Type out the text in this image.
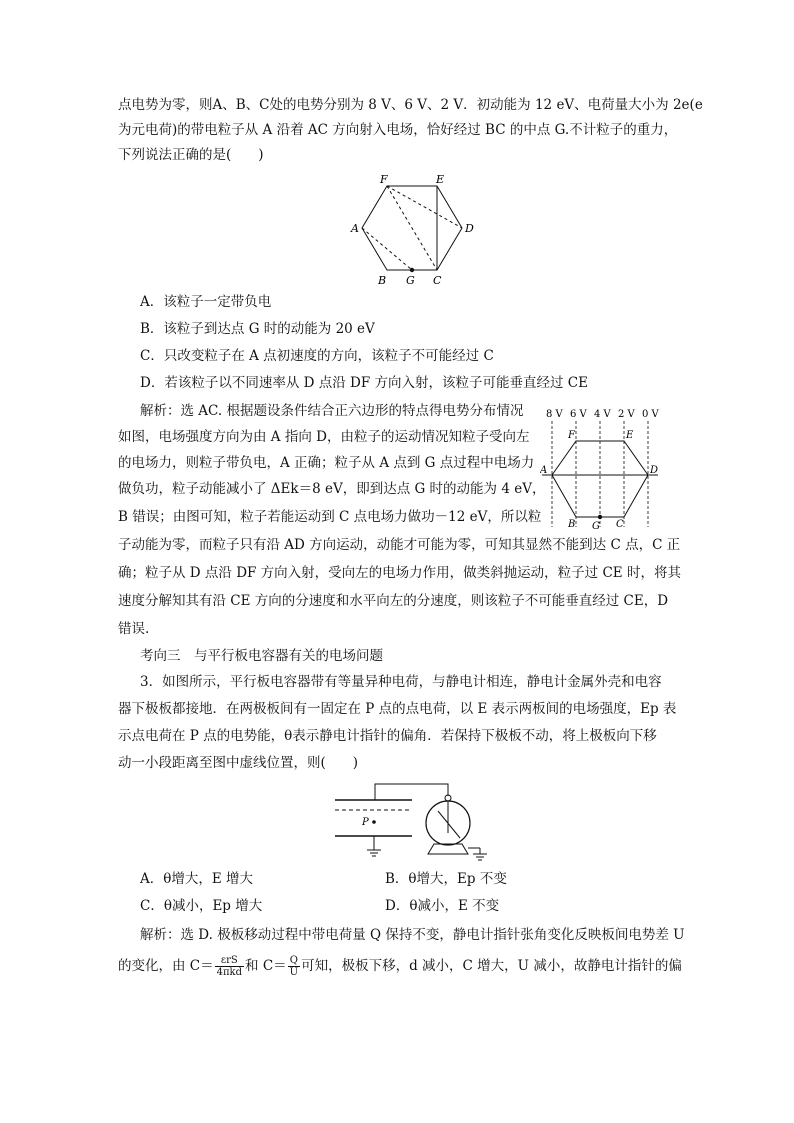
点电势为零，则A、B、C处的电势分别为 8 V、6 V、2 V．初动能为 12 eV、电荷量大小为 2e(e
为元电荷)的带电粒子从 A 沿着 AC 方向射入电场，恰好经过 BC 的中点 G.不计粒子的重力，
下列说法正确的是(　　)
F	E
A	D
B G C
A．该粒子一定带负电
B．该粒子到达点 G 时的动能为 20 eV
C．只改变粒子在 A 点初速度的方向，该粒子不可能经过 C
D．若该粒子以不同速率从 D 点沿 DF 方向入射，该粒子可能垂直经过 CE
解析：选 AC. 根据题设条件结合正六边形的特点得电势分布情况
如图，电场强度方向为由 A 指向 D，由粒子的运动情况知粒子受向左
的电场力，则粒子带负电，A 正确；粒子从 A 点到 G 点过程中电场力
做负功，粒子动能减小了 ΔEk＝8 eV，即到达点 G 时的动能为 4 eV，
B 错误；由图可知，粒子若能运动到 C 点电场力做功－12 eV，所以粒
子动能为零，而粒子只有沿 AD 方向运动，动能才可能为零，可知其显然不能到达 C 点，C 正
确；粒子从 D 点沿 DF 方向入射，受向左的电场力作用，做类斜抛运动，粒子过 CE 时，将其
速度分解知其有沿 CE 方向的分速度和水平向左的分速度，则该粒子不可能垂直经过 CE，D
错误.
8 V 6 V 4 V 2 V 0 V
F	E
A	D
B G C
考向三　与平行板电容器有关的电场问题
3．如图所示，平行板电容器带有等量异种电荷，与静电计相连，静电计金属外壳和电容
器下极板都接地．在两极板间有一固定在 P 点的点电荷，以 E 表示两板间的电场强度，Ep 表
示点电荷在 P 点的电势能，θ表示静电计指针的偏角．若保持下极板不动，将上极板向下移
动一小段距离至图中虚线位置，则(　　)
P
A．θ增大，E 增大	B．θ增大，Ep 不变
C．θ减小，Ep 增大	D．θ减小，E 不变
解析：选 D. 极板移动过程中带电荷量 Q 保持不变，静电计指针张角变化反映板间电势差 U
的变化，由 $C= \frac{\text{εrS}}{\text{4πkd}}$ 和 $C= \frac{Q}{U}$ 可知，极板下移，d 减小，C 增大，U 减小，故静电计指针的偏
